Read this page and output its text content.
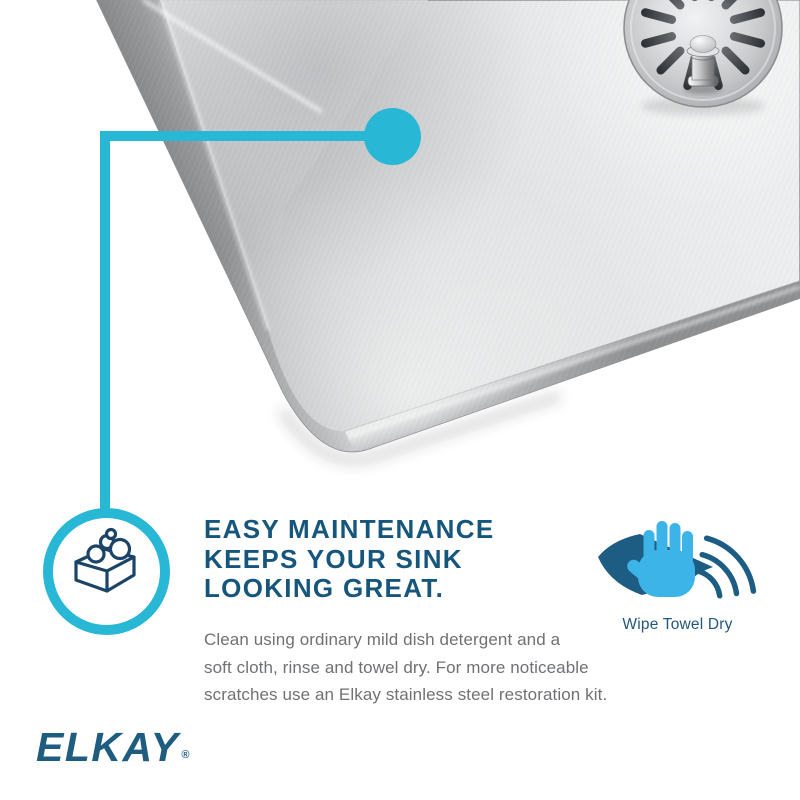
EASY MAINTENANCE
KEEPS YOUR SINK
LOOKING GREAT.
Clean using ordinary mild dish detergent and a
soft cloth, rinse and towel dry. For more noticeable
scratches use an Elkay stainless steel restoration kit.
Wipe Towel Dry
ELKAY ®
